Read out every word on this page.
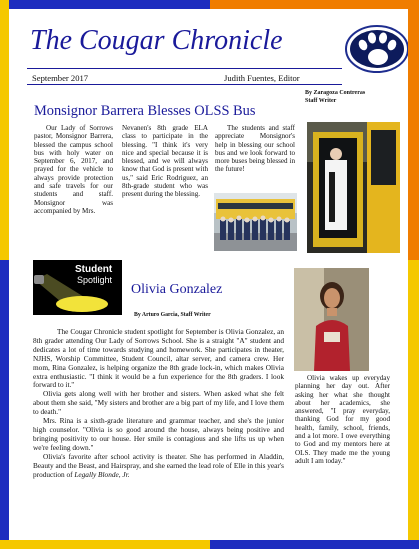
The Cougar Chronicle
September 2017	Judith Fuentes, Editor
Monsignor Barrera Blesses OLSS Bus
By Zaragoza Contreras
Staff Writer

Our Lady of Sorrows pastor, Monsignor Barrera, blessed the campus school bus with holy water on September 6, 2017, and prayed for the vehicle to always provide protection and safe travels for our students and staff. Monsignor was accompanied by Mrs.

Nevanen's 8th grade ELA class to participate in the blessing. "I think it's very nice and special because it is blessed, and we will always know that God is present with us," said Eric Rodriguez, an 8th-grade student who was present during the blessing.

The students and staff appreciate Monsignor's help in blessing our school bus and we look forward to more buses being blessed in the future!

Student
Spotlight
Olivia Gonzalez
By Arturo Garcia, Staff Writer

The Cougar Chronicle student spotlight for September is Olivia Gonzalez, an 8th grader attending Our Lady of Sorrows School. She is a straight "A" student and dedicates a lot of time towards studying and homework. She participates in theater, NJHS, Worship Committee, Student Council, altar server, and camera crew. Her mom, Rina Gonzalez, is helping organize the 8th grade lock-in, which makes Olivia extra enthusiastic. "I think it would be a fun experience for the 8th graders. I look forward to it."

Olivia gets along well with her brother and sisters. When asked what she felt about them she said, "My sisters and brother are a big part of my life, and I love them to death."

Mrs. Rina is a sixth-grade literature and grammar teacher, and she's the junior high counselor. "Olivia is so good around the house, always being positive and bringing positivity to our house. Her smile is contagious and she lifts us up when we're feeling down."

Olivia's favorite after school activity is theater. She has performed in Aladdin, Beauty and the Beast, and Hairspray, and she earned the lead role of Elle in this year's production of Legally Blonde, Jr.

Olivia wakes up everyday planning her day out. After asking her what she thought about her academics, she answered, "I pray everyday, thanking God for my good health, family, school, friends, and a lot more. I owe everything to God and my mentors here at OLS. They made me the young adult I am today."
